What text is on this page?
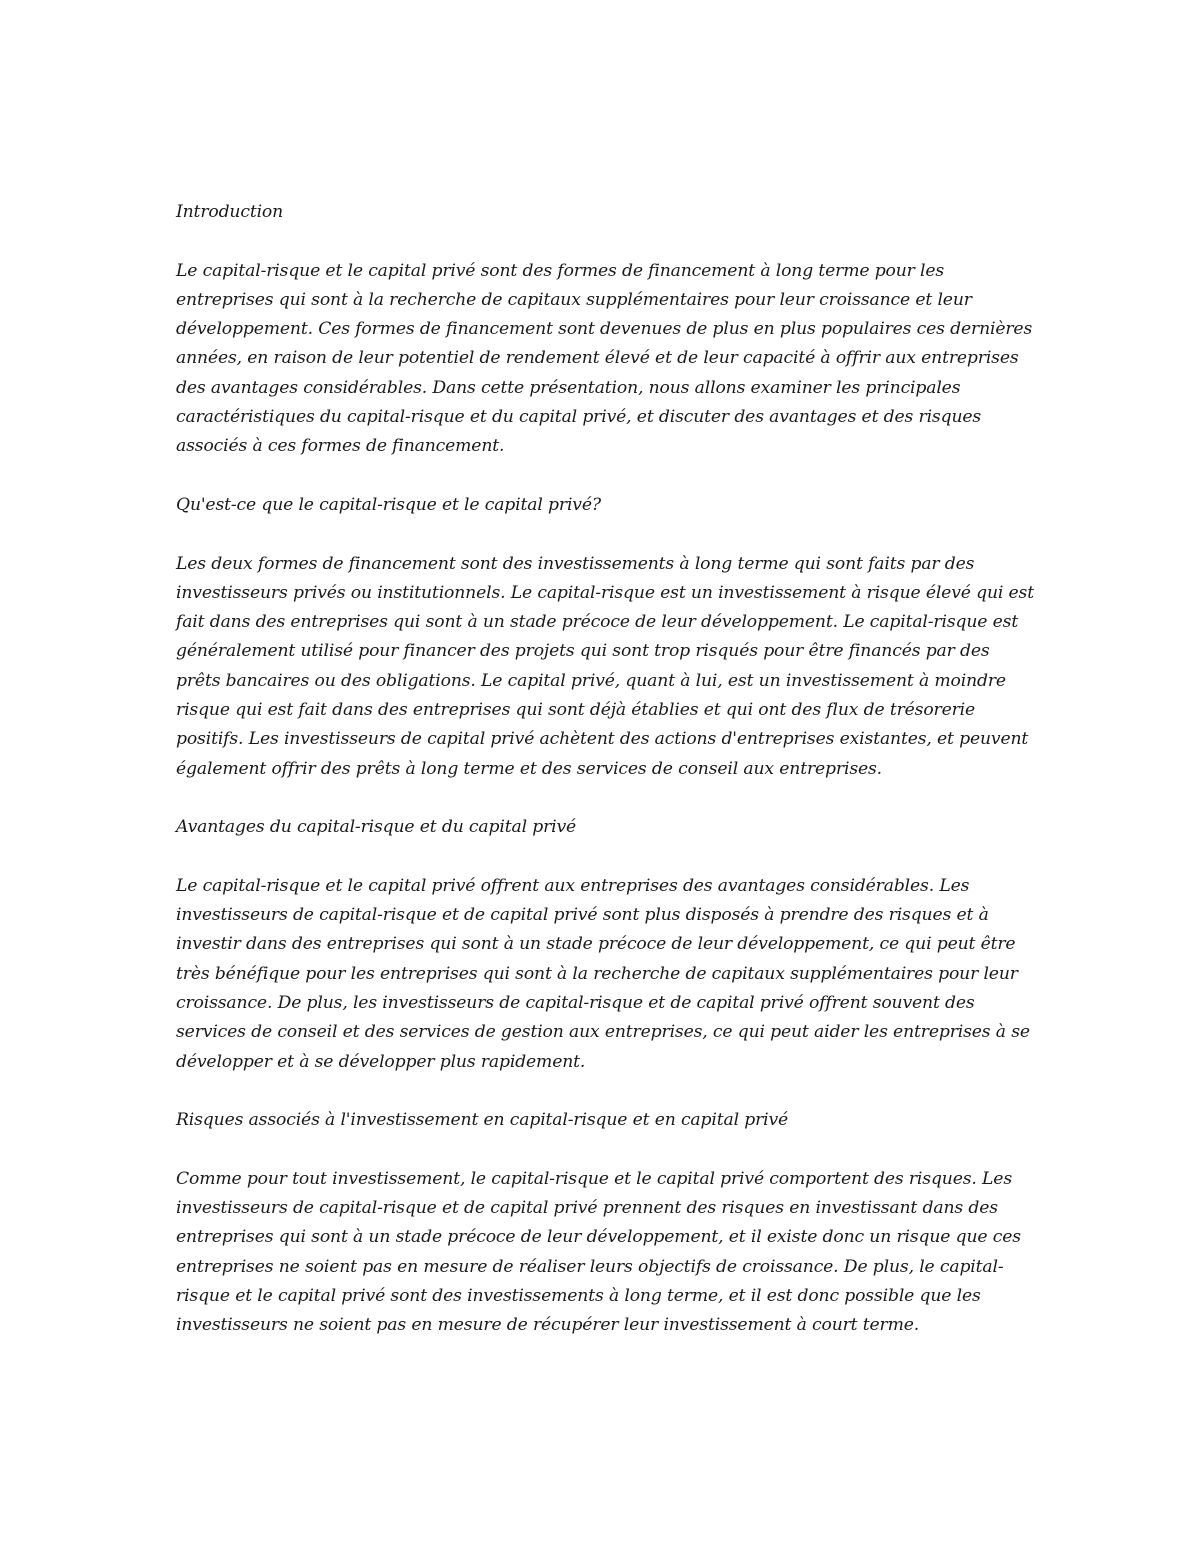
Introduction

Le capital-risque et le capital privé sont des formes de financement à long terme pour les entreprises qui sont à la recherche de capitaux supplémentaires pour leur croissance et leur développement. Ces formes de financement sont devenues de plus en plus populaires ces dernières années, en raison de leur potentiel de rendement élevé et de leur capacité à offrir aux entreprises des avantages considérables. Dans cette présentation, nous allons examiner les principales caractéristiques du capital-risque et du capital privé, et discuter des avantages et des risques associés à ces formes de financement.

Qu'est-ce que le capital-risque et le capital privé?

Les deux formes de financement sont des investissements à long terme qui sont faits par des investisseurs privés ou institutionnels. Le capital-risque est un investissement à risque élevé qui est fait dans des entreprises qui sont à un stade précoce de leur développement. Le capital-risque est généralement utilisé pour financer des projets qui sont trop risqués pour être financés par des prêts bancaires ou des obligations. Le capital privé, quant à lui, est un investissement à moindre risque qui est fait dans des entreprises qui sont déjà établies et qui ont des flux de trésorerie positifs. Les investisseurs de capital privé achètent des actions d'entreprises existantes, et peuvent également offrir des prêts à long terme et des services de conseil aux entreprises.

Avantages du capital-risque et du capital privé

Le capital-risque et le capital privé offrent aux entreprises des avantages considérables. Les investisseurs de capital-risque et de capital privé sont plus disposés à prendre des risques et à investir dans des entreprises qui sont à un stade précoce de leur développement, ce qui peut être très bénéfique pour les entreprises qui sont à la recherche de capitaux supplémentaires pour leur croissance. De plus, les investisseurs de capital-risque et de capital privé offrent souvent des services de conseil et des services de gestion aux entreprises, ce qui peut aider les entreprises à se développer et à se développer plus rapidement.

Risques associés à l'investissement en capital-risque et en capital privé

Comme pour tout investissement, le capital-risque et le capital privé comportent des risques. Les investisseurs de capital-risque et de capital privé prennent des risques en investissant dans des entreprises qui sont à un stade précoce de leur développement, et il existe donc un risque que ces entreprises ne soient pas en mesure de réaliser leurs objectifs de croissance. De plus, le capital-risque et le capital privé sont des investissements à long terme, et il est donc possible que les investisseurs ne soient pas en mesure de récupérer leur investissement à court terme.
